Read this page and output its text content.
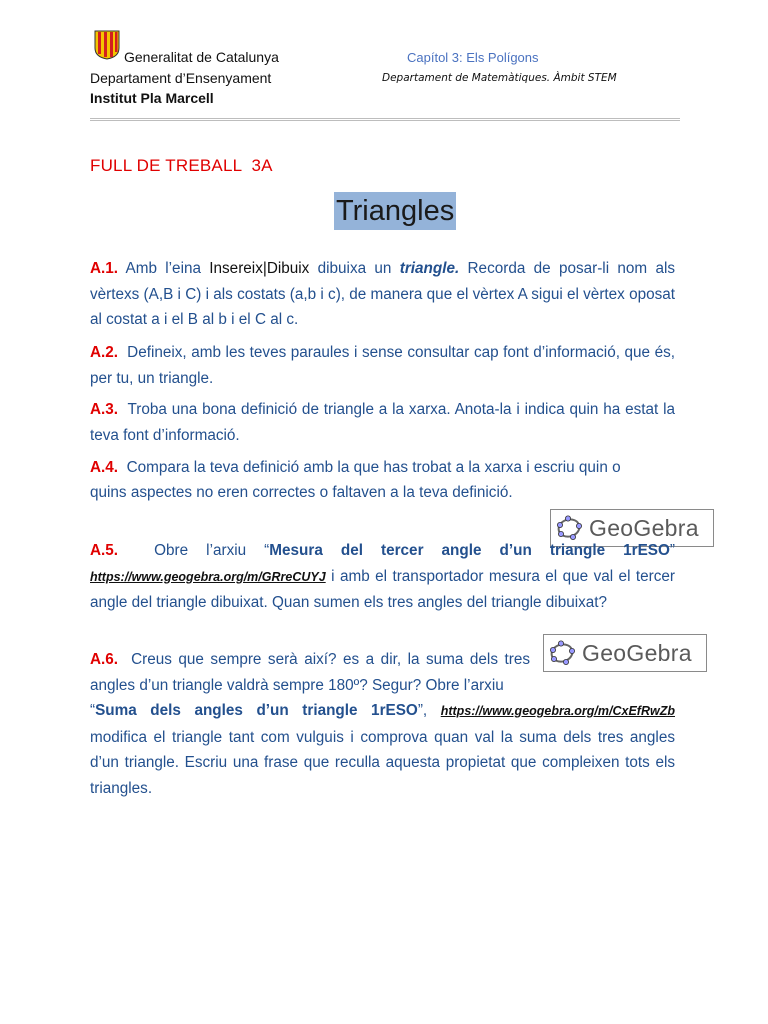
Generalitat de Catalunya
Departament d’Ensenyament
Institut Pla Marcell
Capítol 3: Els Polígons
Departament de Matemàtiques. Àmbit STEM
FULL DE TREBALL  3A
Triangles

A.1. Amb l’eina Insereix|Dibuix dibuixa un triangle. Recorda de posar-li nom als vèrtexs (A,B i C) i als costats (a,b i c), de manera que el vèrtex A sigui el vèrtex oposat al costat a i el B al b i el C al c.

A.2. Defineix, amb les teves paraules i sense consultar cap font d’informació, que és, per tu, un triangle.

A.3. Troba una bona definició de triangle a la xarxa. Anota-la i indica quin ha estat la teva font d’informació.

A.4. Compara la teva definició amb la que has trobat a la xarxa i escriu quin o

quins aspectes no eren correctes o faltaven a la teva definició.

GeoGebra

A.5. Obre l’arxiu “Mesura del tercer angle d’un triangle 1rESO” https://www.geogebra.org/m/GRreCUYJ i amb el transportador mesura el que val el tercer angle del triangle dibuixat. Quan sumen els tres angles del triangle dibuixat?

GeoGebra

A.6. Creus que sempre serà així? es a dir, la suma dels tres angles d’un triangle valdrà sempre 180º? Segur? Obre l’arxiu

“Suma dels angles d’un triangle 1rESO”, https://www.geogebra.org/m/CxEfRwZb modifica el triangle tant com vulguis i comprova quan val la suma dels tres angles d’un triangle. Escriu una frase que reculla aquesta propietat que compleixen tots els triangles.
